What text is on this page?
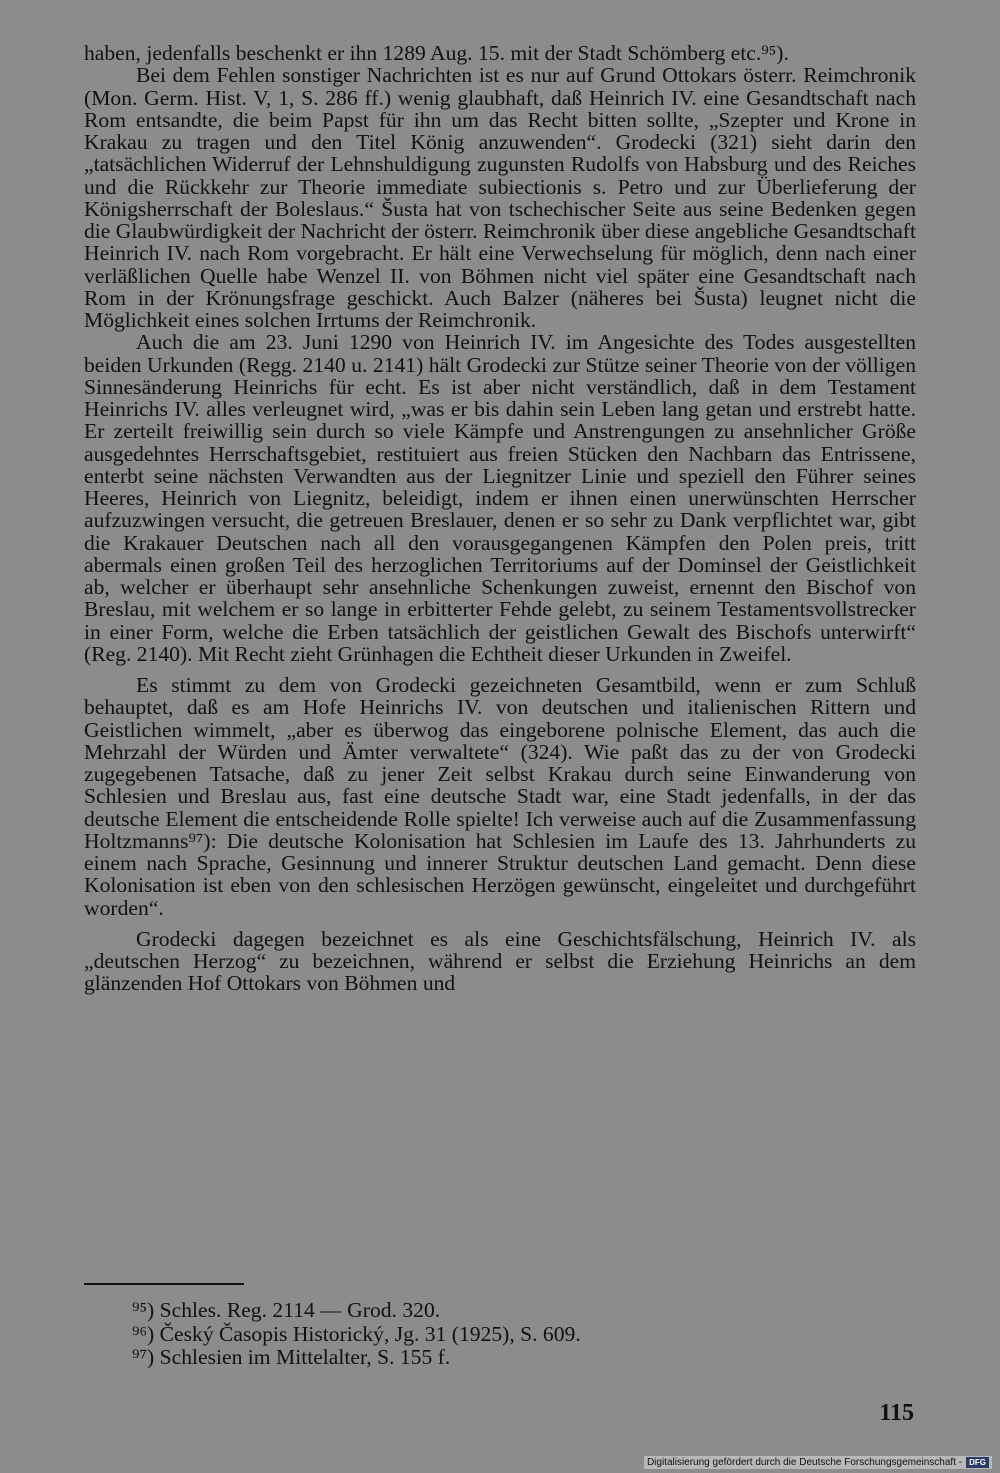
haben, jedenfalls beschenkt er ihn 1289 Aug. 15. mit der Stadt Schömberg etc.⁹⁵).

Bei dem Fehlen sonstiger Nachrichten ist es nur auf Grund Ottokars österr. Reimchronik (Mon. Germ. Hist. V, 1, S. 286 ff.) wenig glaubhaft, daß Heinrich IV. eine Gesandtschaft nach Rom entsandte, die beim Papst für ihn um das Recht bitten sollte, „Szepter und Krone in Krakau zu tragen und den Titel König anzuwenden“. Grodecki (321) sieht darin den „tatsächlichen Widerruf der Lehnshuldigung zugunsten Rudolfs von Habsburg und des Reiches und die Rückkehr zur Theorie immediate subiectionis s. Petro und zur Überlieferung der Königsherrschaft der Boleslaus.“ Šusta hat von tschechischer Seite aus seine Bedenken gegen die Glaubwürdigkeit der Nachricht der österr. Reimchronik über diese angebliche Gesandtschaft Heinrich IV. nach Rom vorgebracht. Er hält eine Verwechselung für möglich, denn nach einer verläßlichen Quelle habe Wenzel II. von Böhmen nicht viel später eine Gesandtschaft nach Rom in der Krönungsfrage geschickt. Auch Balzer (näheres bei Šusta) leugnet nicht die Möglichkeit eines solchen Irrtums der Reimchronik.

Auch die am 23. Juni 1290 von Heinrich IV. im Angesichte des Todes ausgestellten beiden Urkunden (Regg. 2140 u. 2141) hält Grodecki zur Stütze seiner Theorie von der völligen Sinnesänderung Heinrichs für echt. Es ist aber nicht verständlich, daß in dem Testament Heinrichs IV. alles verleugnet wird, „was er bis dahin sein Leben lang getan und erstrebt hatte. Er zerteilt freiwillig sein durch so viele Kämpfe und Anstrengungen zu ansehnlicher Größe ausgedehntes Herrschaftsgebiet, restituiert aus freien Stücken den Nachbarn das Entrissene, enterbt seine nächsten Verwandten aus der Liegnitzer Linie und speziell den Führer seines Heeres, Heinrich von Liegnitz, beleidigt, indem er ihnen einen unerwünschten Herrscher aufzuzwingen versucht, die getreuen Breslauer, denen er so sehr zu Dank verpflichtet war, gibt die Krakauer Deutschen nach all den vorausgegangenen Kämpfen den Polen preis, tritt abermals einen großen Teil des herzoglichen Territoriums auf der Dominsel der Geistlichkeit ab, welcher er überhaupt sehr ansehnliche Schenkungen zuweist, ernennt den Bischof von Breslau, mit welchem er so lange in erbitterter Fehde gelebt, zu seinem Testamentsvollstrecker in einer Form, welche die Erben tatsächlich der geistlichen Gewalt des Bischofs unterwirft“ (Reg. 2140). Mit Recht zieht Grünhagen die Echtheit dieser Urkunden in Zweifel.

Es stimmt zu dem von Grodecki gezeichneten Gesamtbild, wenn er zum Schluß behauptet, daß es am Hofe Heinrichs IV. von deutschen und italienischen Rittern und Geistlichen wimmelt, „aber es überwog das eingeborene polnische Element, das auch die Mehrzahl der Würden und Ämter verwaltete“ (324). Wie paßt das zu der von Grodecki zugegebenen Tatsache, daß zu jener Zeit selbst Krakau durch seine Einwanderung von Schlesien und Breslau aus, fast eine deutsche Stadt war, eine Stadt jedenfalls, in der das deutsche Element die entscheidende Rolle spielte! Ich verweise auch auf die Zusammenfassung Holtzmanns⁹⁷): Die deutsche Kolonisation hat Schlesien im Laufe des 13. Jahrhunderts zu einem nach Sprache, Gesinnung und innerer Struktur deutschen Land gemacht. Denn diese Kolonisation ist eben von den schlesischen Herzögen gewünscht, eingeleitet und durchgeführt worden“.

Grodecki dagegen bezeichnet es als eine Geschichtsfälschung, Heinrich IV. als „deutschen Herzog“ zu bezeichnen, während er selbst die Erziehung Heinrichs an dem glänzenden Hof Ottokars von Böhmen und

⁹⁵) Schles. Reg. 2114 — Grod. 320.

⁹⁶) Český Časopis Historický, Jg. 31 (1925), S. 609.

⁹⁷) Schlesien im Mittelalter, S. 155 f.

115
Digitalisierung gefördert durch die Deutsche Forschungsgemeinschaft - DFG
